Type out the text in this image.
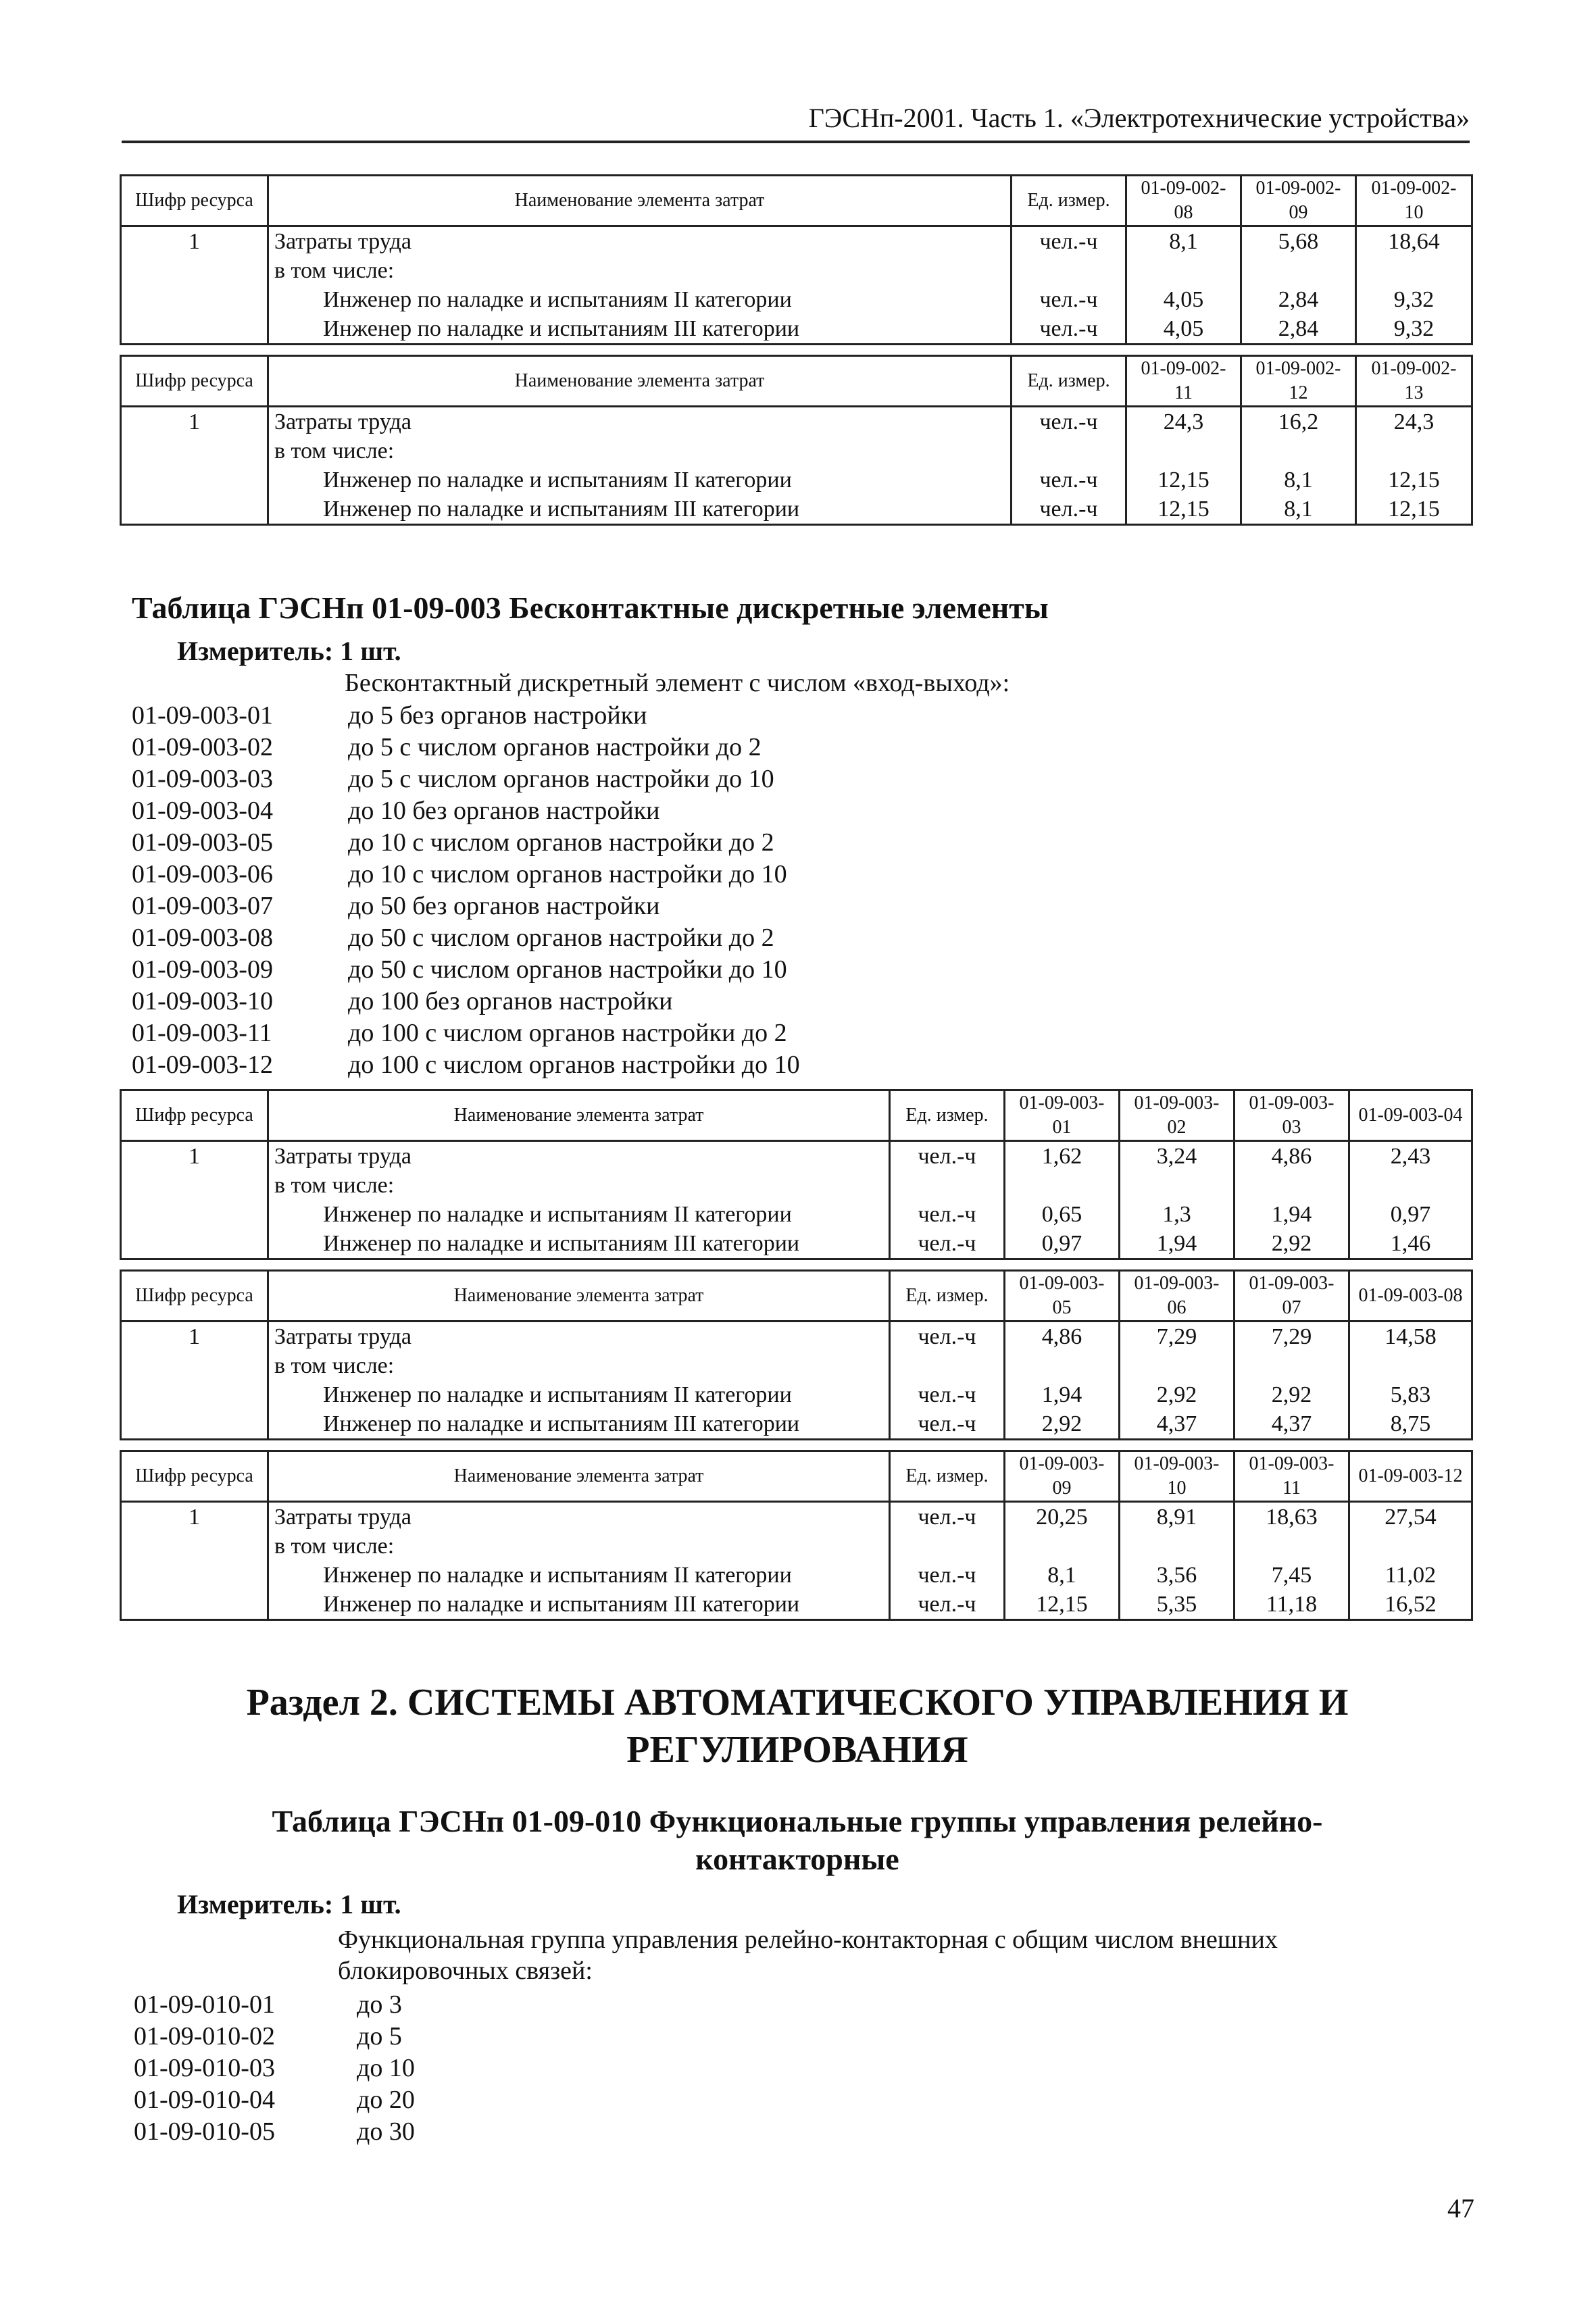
ГЭСНп-2001. Часть 1. «Электротехнические устройства»
Шифр ресурса	Наименование элемента затрат	Ед. измер.	01-09-002-08	01-09-002-09	01-09-002-10
1	Затраты труда	чел.-ч	8,1	5,68	18,64
	в том числе:				
	Инженер по наладке и испытаниям II категории	чел.-ч	4,05	2,84	9,32
	Инженер по наладке и испытаниям III категории	чел.-ч	4,05	2,84	9,32

Шифр ресурса	Наименование элемента затрат	Ед. измер.	01-09-002-11	01-09-002-12	01-09-002-13
1	Затраты труда	чел.-ч	24,3	16,2	24,3
	в том числе:				
	Инженер по наладке и испытаниям II категории	чел.-ч	12,15	8,1	12,15
	Инженер по наладке и испытаниям III категории	чел.-ч	12,15	8,1	12,15
Таблица ГЭСНп 01-09-003 Бесконтактные дискретные элементы
Измеритель: 1 шт.
Бесконтактный дискретный элемент с числом «вход-выход»:
01-09-003-01	до 5 без органов настройки
01-09-003-02	до 5 с числом органов настройки до 2
01-09-003-03	до 5 с числом органов настройки до 10
01-09-003-04	до 10 без органов настройки
01-09-003-05	до 10 с числом органов настройки до 2
01-09-003-06	до 10 с числом органов настройки до 10
01-09-003-07	до 50 без органов настройки
01-09-003-08	до 50 с числом органов настройки до 2
01-09-003-09	до 50 с числом органов настройки до 10
01-09-003-10	до 100 без органов настройки
01-09-003-11	до 100 с числом органов настройки до 2
01-09-003-12	до 100 с числом органов настройки до 10
Шифр ресурса	Наименование элемента затрат	Ед. измер.	01-09-003-01	01-09-003-02	01-09-003-03	01-09-003-04
1	Затраты труда	чел.-ч	1,62	3,24	4,86	2,43
	в том числе:					
	Инженер по наладке и испытаниям II категории	чел.-ч	0,65	1,3	1,94	0,97
	Инженер по наладке и испытаниям III категории	чел.-ч	0,97	1,94	2,92	1,46

Шифр ресурса	Наименование элемента затрат	Ед. измер.	01-09-003-05	01-09-003-06	01-09-003-07	01-09-003-08
1	Затраты труда	чел.-ч	4,86	7,29	7,29	14,58
	в том числе:					
	Инженер по наладке и испытаниям II категории	чел.-ч	1,94	2,92	2,92	5,83
	Инженер по наладке и испытаниям III категории	чел.-ч	2,92	4,37	4,37	8,75

Шифр ресурса	Наименование элемента затрат	Ед. измер.	01-09-003-09	01-09-003-10	01-09-003-11	01-09-003-12
1	Затраты труда	чел.-ч	20,25	8,91	18,63	27,54
	в том числе:					
	Инженер по наладке и испытаниям II категории	чел.-ч	8,1	3,56	7,45	11,02
	Инженер по наладке и испытаниям III категории	чел.-ч	12,15	5,35	11,18	16,52
Раздел 2. СИСТЕМЫ АВТОМАТИЧЕСКОГО УПРАВЛЕНИЯ И
РЕГУЛИРОВАНИЯ
Таблица ГЭСНп 01-09-010 Функциональные группы управления релейно-
контакторные
Измеритель: 1 шт.
Функциональная группа управления релейно-контакторная с общим числом внешних
блокировочных связей:
01-09-010-01	до 3
01-09-010-02	до 5
01-09-010-03	до 10
01-09-010-04	до 20
01-09-010-05	до 30
47
